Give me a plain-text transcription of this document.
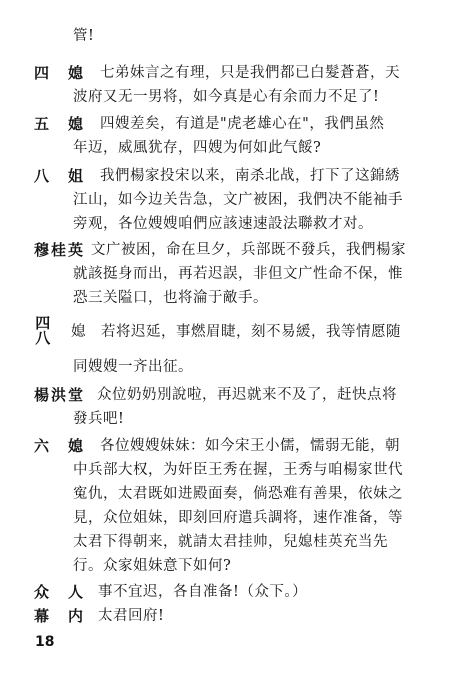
管!
四　媳 七弟妹言之有理，只是我們都已白髮蒼蒼，天
波府又无一男将，如今真是心有余而力不足了!
五　媳 四嫂差矣，有道是"虎老雄心在"，我們虽然
年迈，威風犹存，四嫂为何如此气餒?
八　姐 我們楊家投宋以来，南杀北战，打下了这錦綉
江山，如今边关告急，文广被困，我們决不能袖手
旁观，各位嫂嫂咱們应該速速設法聯救才对。
穆桂英 文广被困，命在旦夕，兵部既不發兵，我們楊家
就該挺身而出，再若迟誤，非但文广性命不保，惟
恐三关隘口，也将淪于敵手。
四
八 媳　若将迟延，事燃眉睫，刻不易緩，我等情愿随
同嫂嫂一齐出征。
楊洪堂 众位奶奶別說啦，再迟就来不及了，赶快点将
發兵吧!
六　媳 各位嫂嫂妹妹：如今宋王小儒，懦弱无能，朝
中兵部大权，为奸臣王秀在握，王秀与咱楊家世代
寃仇，太君既如进殿面奏，倘恐难有善果，依妹之
見，众位姐妹，即刻回府遣兵調将，速作准备，等
太君下得朝来，就請太君挂帅，兒媳桂英充当先
行。众家姐妹意下如何?
众　人 事不宜迟，各自准备!（众下。）
幕　内 太君回府!
18
